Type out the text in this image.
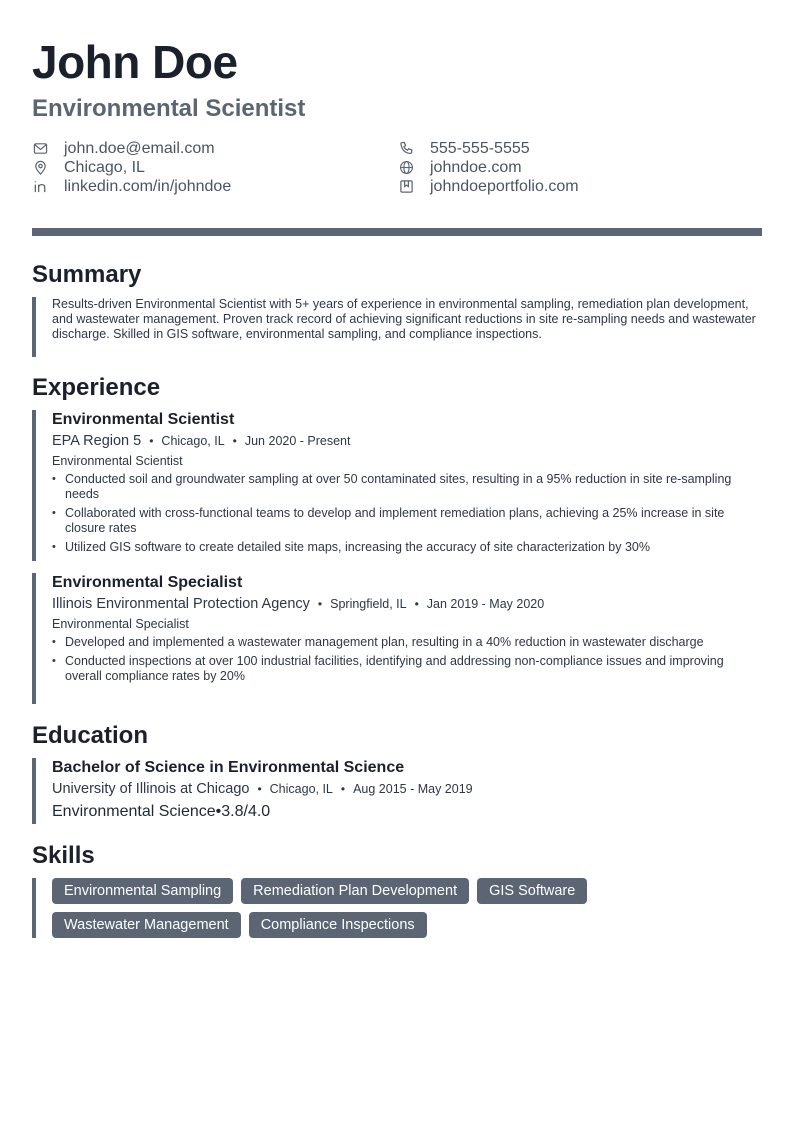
John Doe
Environmental Scientist
john.doe@email.com	555-555-5555
Chicago, IL	johndoe.com
linkedin.com/in/johndoe	johndoeportfolio.com
Summary

Results-driven Environmental Scientist with 5+ years of experience in environmental sampling, remediation plan development, and wastewater management. Proven track record of achieving significant reductions in site re-sampling needs and wastewater discharge. Skilled in GIS software, environmental sampling, and compliance inspections.

Experience
Environmental Scientist
EPA Region 5 • Chicago, IL • Jun 2020 - Present
Environmental Scientist
• Conducted soil and groundwater sampling at over 50 contaminated sites, resulting in a 95% reduction in site re-sampling needs
• Collaborated with cross-functional teams to develop and implement remediation plans, achieving a 25% increase in site closure rates
• Utilized GIS software to create detailed site maps, increasing the accuracy of site characterization by 30%
Environmental Specialist
Illinois Environmental Protection Agency • Springfield, IL • Jan 2019 - May 2020
Environmental Specialist
• Developed and implemented a wastewater management plan, resulting in a 40% reduction in wastewater discharge
• Conducted inspections at over 100 industrial facilities, identifying and addressing non-compliance issues and improving overall compliance rates by 20%
Education
Bachelor of Science in Environmental Science
University of Illinois at Chicago • Chicago, IL • Aug 2015 - May 2019
Environmental Science • 3.8/4.0
Skills
Environmental Sampling	Remediation Plan Development	GIS Software
Wastewater Management	Compliance Inspections
